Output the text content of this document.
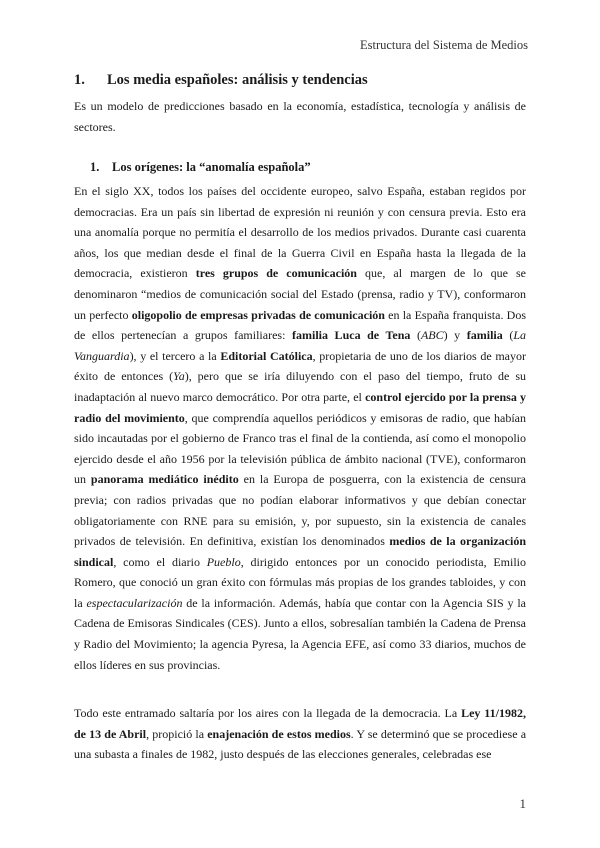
Estructura del Sistema de Medios
1. Los media españoles: análisis y tendencias
Es un modelo de predicciones basado en la economía, estadística, tecnología y análisis de sectores.
1. Los orígenes: la “anomalía española”
En el siglo XX, todos los países del occidente europeo, salvo España, estaban regidos por democracias. Era un país sin libertad de expresión ni reunión y con censura previa. Esto era una anomalía porque no permitía el desarrollo de los medios privados. Durante casi cuarenta años, los que median desde el final de la Guerra Civil en España hasta la llegada de la democracia, existieron tres grupos de comunicación que, al margen de lo que se denominaron “medios de comunicación social del Estado (prensa, radio y TV), conformaron un perfecto oligopolio de empresas privadas de comunicación en la España franquista. Dos de ellos pertenecían a grupos familiares: familia Luca de Tena (ABC) y familia (La Vanguardia), y el tercero a la Editorial Católica, propietaria de uno de los diarios de mayor éxito de entonces (Ya), pero que se iría diluyendo con el paso del tiempo, fruto de su inadaptación al nuevo marco democrático. Por otra parte, el control ejercido por la prensa y radio del movimiento, que comprendía aquellos periódicos y emisoras de radio, que habían sido incautadas por el gobierno de Franco tras el final de la contienda, así como el monopolio ejercido desde el año 1956 por la televisión pública de ámbito nacional (TVE), conformaron un panorama mediático inédito en la Europa de posguerra, con la existencia de censura previa; con radios privadas que no podían elaborar informativos y que debían conectar obligatoriamente con RNE para su emisión, y, por supuesto, sin la existencia de canales privados de televisión. En definitiva, existían los denominados medios de la organización sindical, como el diario Pueblo, dirigido entonces por un conocido periodista, Emilio Romero, que conoció un gran éxito con fórmulas más propias de los grandes tabloides, y con la espectacularización de la información. Además, había que contar con la Agencia SIS y la Cadena de Emisoras Sindicales (CES). Junto a ellos, sobresalían también la Cadena de Prensa y Radio del Movimiento; la agencia Pyresa, la Agencia EFE, así como 33 diarios, muchos de ellos líderes en sus provincias.
Todo este entramado saltaría por los aires con la llegada de la democracia. La Ley 11/1982, de 13 de Abril, propició la enajenación de estos medios. Y se determinó que se procediese a una subasta a finales de 1982, justo después de las elecciones generales, celebradas ese
1
